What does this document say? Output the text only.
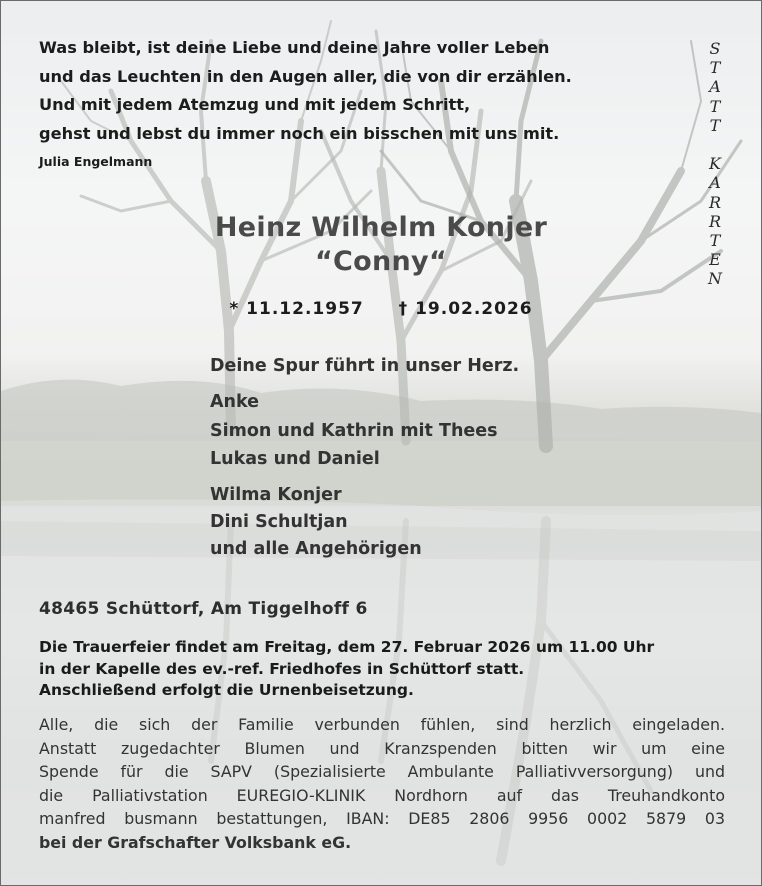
Was bleibt, ist deine Liebe und deine Jahre voller Leben
und das Leuchten in den Augen aller, die von dir erzählen.
Und mit jedem Atemzug und mit jedem Schritt,
gehst und lebst du immer noch ein bisschen mit uns mit.
Julia Engelmann
S
T
A
T
T

K
A
R
R
T
E
N
Heinz Wilhelm Konjer
“Conny“
* 11.12.1957 † 19.02.2026
Deine Spur führt in unser Herz.
Anke
Simon und Kathrin mit Thees
Lukas und Daniel
Wilma Konjer
Dini Schultjan
und alle Angehörigen
48465 Schüttorf, Am Tiggelhoff 6
Die Trauerfeier findet am Freitag, dem 27. Februar 2026 um 11.00 Uhr
in der Kapelle des ev.-ref. Friedhofes in Schüttorf statt.
Anschließend erfolgt die Urnenbeisetzung.
Alle, die sich der Familie verbunden fühlen, sind herzlich eingeladen.
Anstatt zugedachter Blumen und Kranzspenden bitten wir um eine
Spende für die SAPV (Spezialisierte Ambulante Palliativversorgung) und
die Palliativstation EUREGIO-KLINIK Nordhorn auf das Treuhandkonto
manfred busmann bestattungen, IBAN: DE85 2806 9956 0002 5879 03
bei der Grafschafter Volksbank eG.
